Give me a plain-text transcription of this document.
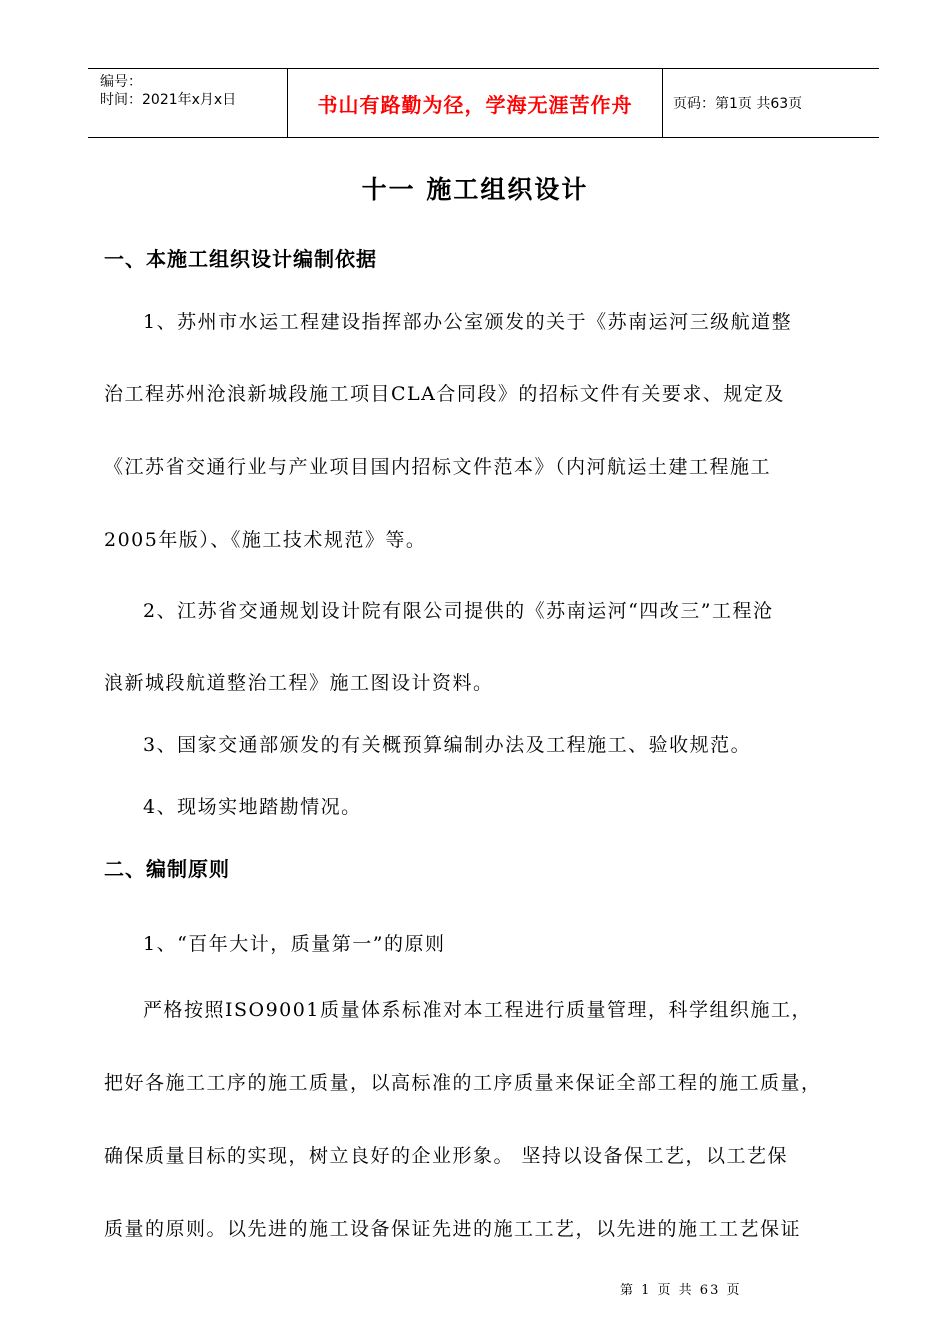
编号：
时间：2021年x月x日	书山有路勤为径，学海无涯苦作舟	页码：第1页 共63页
十一 施工组织设计
一、本施工组织设计编制依据
1、苏州市水运工程建设指挥部办公室颁发的关于《苏南运河三级航道整
治工程苏州沧浪新城段施工项目CLA合同段》的招标文件有关要求、规定及
《江苏省交通行业与产业项目国内招标文件范本》（内河航运土建工程施工
2005年版）、《施工技术规范》等。
2、江苏省交通规划设计院有限公司提供的《苏南运河“四改三”工程沧
浪新城段航道整治工程》施工图设计资料。
3、国家交通部颁发的有关概预算编制办法及工程施工、验收规范。
4、现场实地踏勘情况。
二、编制原则
1、“百年大计，质量第一”的原则
严格按照ISO9001质量体系标准对本工程进行质量管理，科学组织施工，
把好各施工工序的施工质量，以高标准的工序质量来保证全部工程的施工质量，
确保质量目标的实现，树立良好的企业形象。 坚持以设备保工艺，以工艺保
质量的原则。以先进的施工设备保证先进的施工工艺，以先进的施工工艺保证
第 1 页 共 63 页
